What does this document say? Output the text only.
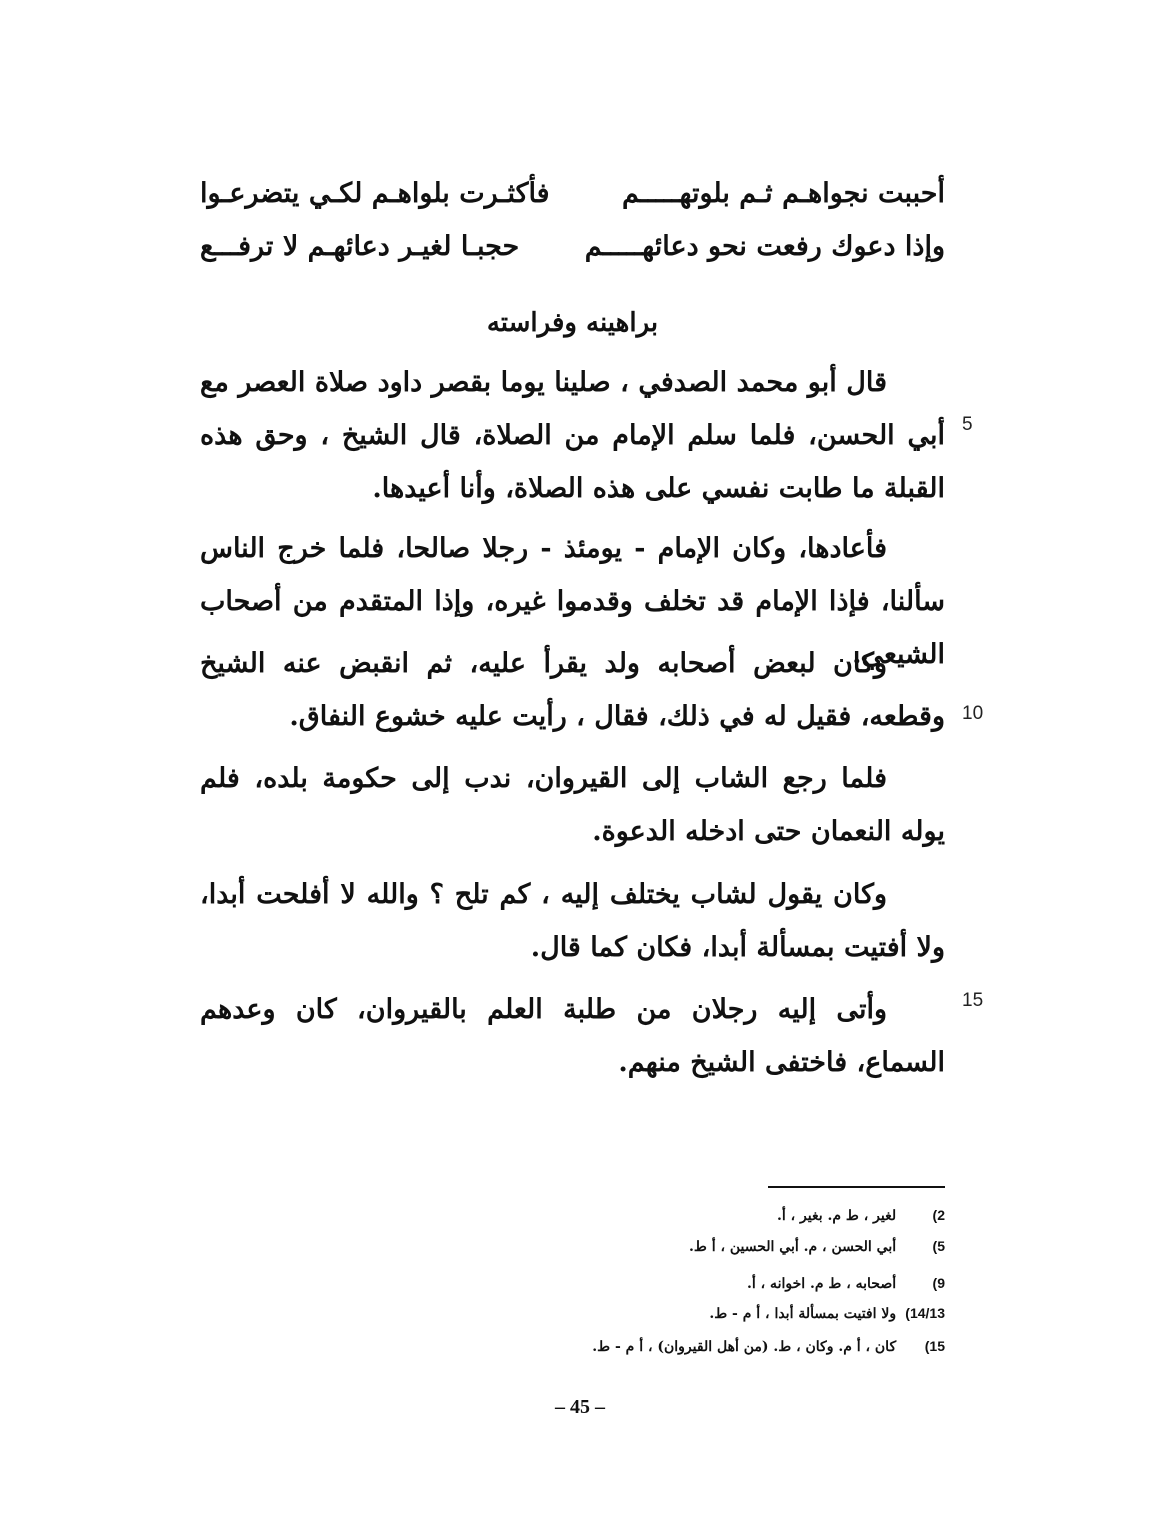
أحببت نجواهـم ثـم بلوتهـــــم
فأكثـرت بلواهـم لكـي يتضرعـوا
وإذا دعوك رفعت نحو دعائهـــــم
حجبـا لغيـر دعائهـم لا ترفـــع
براهينه وفراسته

قال أبو محمد الصدفي ، صلينا يوما بقصر داود صلاة العصر مع أبي الحسن، فلما سلم الإمام من الصلاة، قال الشيخ ، وحق هذه القبلة ما طابت نفسي على هذه الصلاة، وأنا أعيدها.

فأعادها، وكان الإمام - يومئذ - رجلا صالحا، فلما خرج الناس سألنا، فإذا الإمام قد تخلف وقدموا غيره، وإذا المتقدم من أصحاب الشيعي.

وكان لبعض أصحابه ولد يقرأ عليه، ثم انقبض عنه الشيخ وقطعه، فقيل له في ذلك، فقال ، رأيت عليه خشوع النفاق.

فلما رجع الشاب إلى القيروان، ندب إلى حكومة بلده، فلم يوله النعمان حتى ادخله الدعوة.

وكان يقول لشاب يختلف إليه ، كم تلح ؟ والله لا أفلحت أبدا، ولا أفتيت بمسألة أبدا، فكان كما قال.

وأتى إليه رجلان من طلبة العلم بالقيروان، كان وعدهم السماع، فاختفى الشيخ منهم.

5
10
15
2) لغير ، ط م. بغير ، أ.
5) أبي الحسن ، م. أبي الحسين ، أ ط.
9) أصحابه ، ط م. اخوانه ، أ.
14/13) ولا افتيت بمسألة أبدا ، أ م - ط.
15) كان ، أ م. وكان ، ط. (من أهل القيروان) ، أ م - ط.
– 45 –
